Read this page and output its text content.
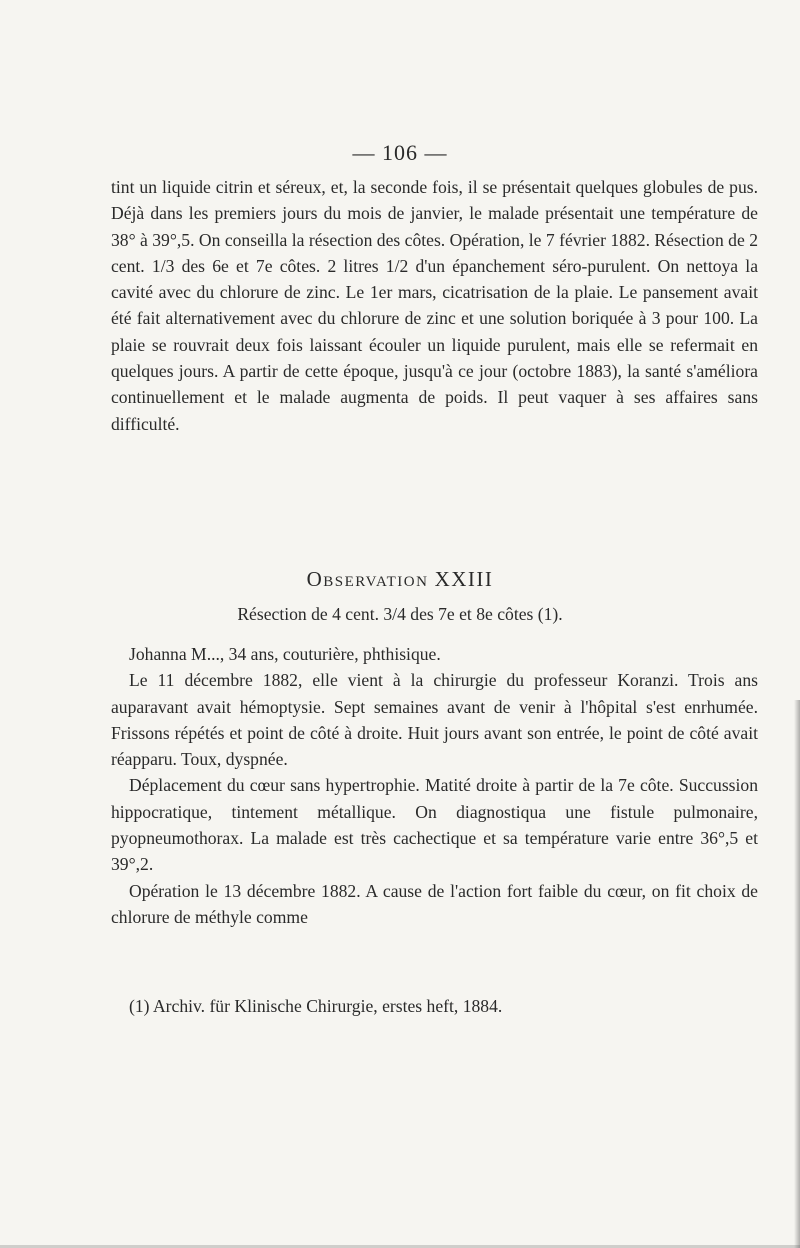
— 106 —

tint un liquide citrin et séreux, et, la seconde fois, il se présentait quelques globules de pus. Déjà dans les premiers jours du mois de janvier, le malade présentait une température de 38° à 39°,5. On conseilla la résection des côtes. Opération, le 7 février 1882. Résection de 2 cent. 1/3 des 6e et 7e côtes. 2 litres 1/2 d'un épanchement séro-purulent. On nettoya la cavité avec du chlorure de zinc. Le 1er mars, cicatrisation de la plaie. Le pansement avait été fait alternativement avec du chlorure de zinc et une solution boriquée à 3 pour 100. La plaie se rouvrait deux fois laissant écouler un liquide purulent, mais elle se refermait en quelques jours. A partir de cette époque, jusqu'à ce jour (octobre 1883), la santé s'améliora continuellement et le malade augmenta de poids. Il peut vaquer à ses affaires sans difficulté.

OBSERVATION XXIII
Résection de 4 cent. 3/4 des 7e et 8e côtes (1).

Johanna M..., 34 ans, couturière, phthisique.

Le 11 décembre 1882, elle vient à la chirurgie du professeur Koranzi. Trois ans auparavant avait hémoptysie. Sept semaines avant de venir à l'hôpital s'est enrhumée. Frissons répétés et point de côté à droite. Huit jours avant son entrée, le point de côté avait réapparu. Toux, dyspnée.

Déplacement du cœur sans hypertrophie. Matité droite à partir de la 7e côte. Succussion hippocratique, tintement métallique. On diagnostiqua une fistule pulmonaire, pyopneumothorax. La malade est très cachectique et sa température varie entre 36°,5 et 39°,2.

Opération le 13 décembre 1882. A cause de l'action fort faible du cœur, on fit choix de chlorure de méthyle comme

(1) Archiv. für Klinische Chirurgie, erstes heft, 1884.
